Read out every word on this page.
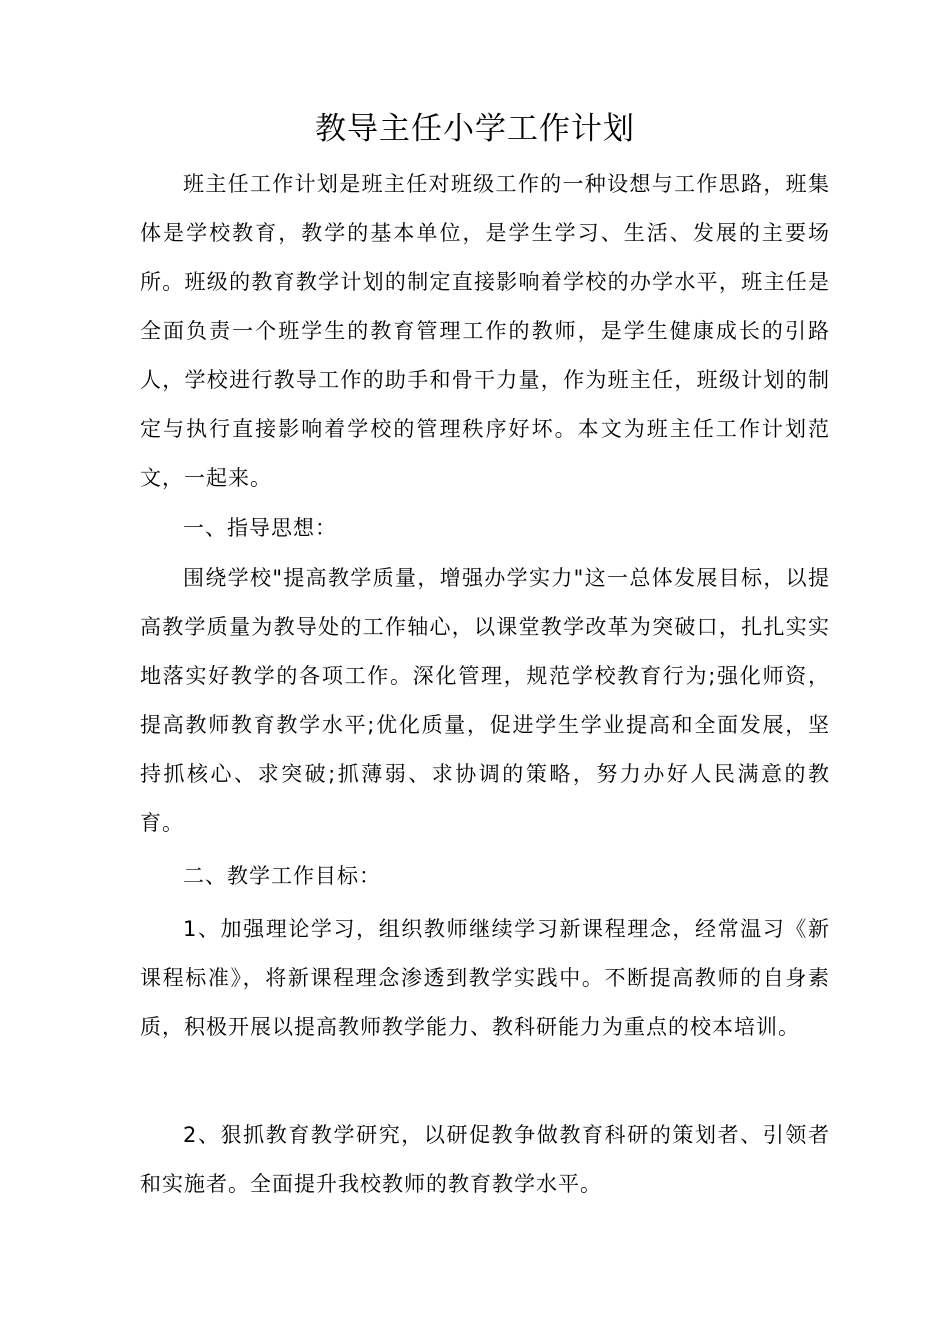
教导主任小学工作计划

班主任工作计划是班主任对班级工作的一种设想与工作思路，班集体是学校教育，教学的基本单位，是学生学习、生活、发展的主要场所。班级的教育教学计划的制定直接影响着学校的办学水平，班主任是全面负责一个班学生的教育管理工作的教师，是学生健康成长的引路人，学校进行教导工作的助手和骨干力量，作为班主任，班级计划的制定与执行直接影响着学校的管理秩序好坏。本文为班主任工作计划范文，一起来。

一、指导思想：

围绕学校"提高教学质量，增强办学实力"这一总体发展目标，以提高教学质量为教导处的工作轴心，以课堂教学改革为突破口，扎扎实实地落实好教学的各项工作。深化管理，规范学校教育行为;强化师资，提高教师教育教学水平;优化质量，促进学生学业提高和全面发展，坚持抓核心、求突破;抓薄弱、求协调的策略，努力办好人民满意的教育。

二、教学工作目标：

1、加强理论学习，组织教师继续学习新课程理念，经常温习《新课程标准》，将新课程理念渗透到教学实践中。不断提高教师的自身素质，积极开展以提高教师教学能力、教科研能力为重点的校本培训。

2、狠抓教育教学研究，以研促教争做教育科研的策划者、引领者和实施者。全面提升我校教师的教育教学水平。
